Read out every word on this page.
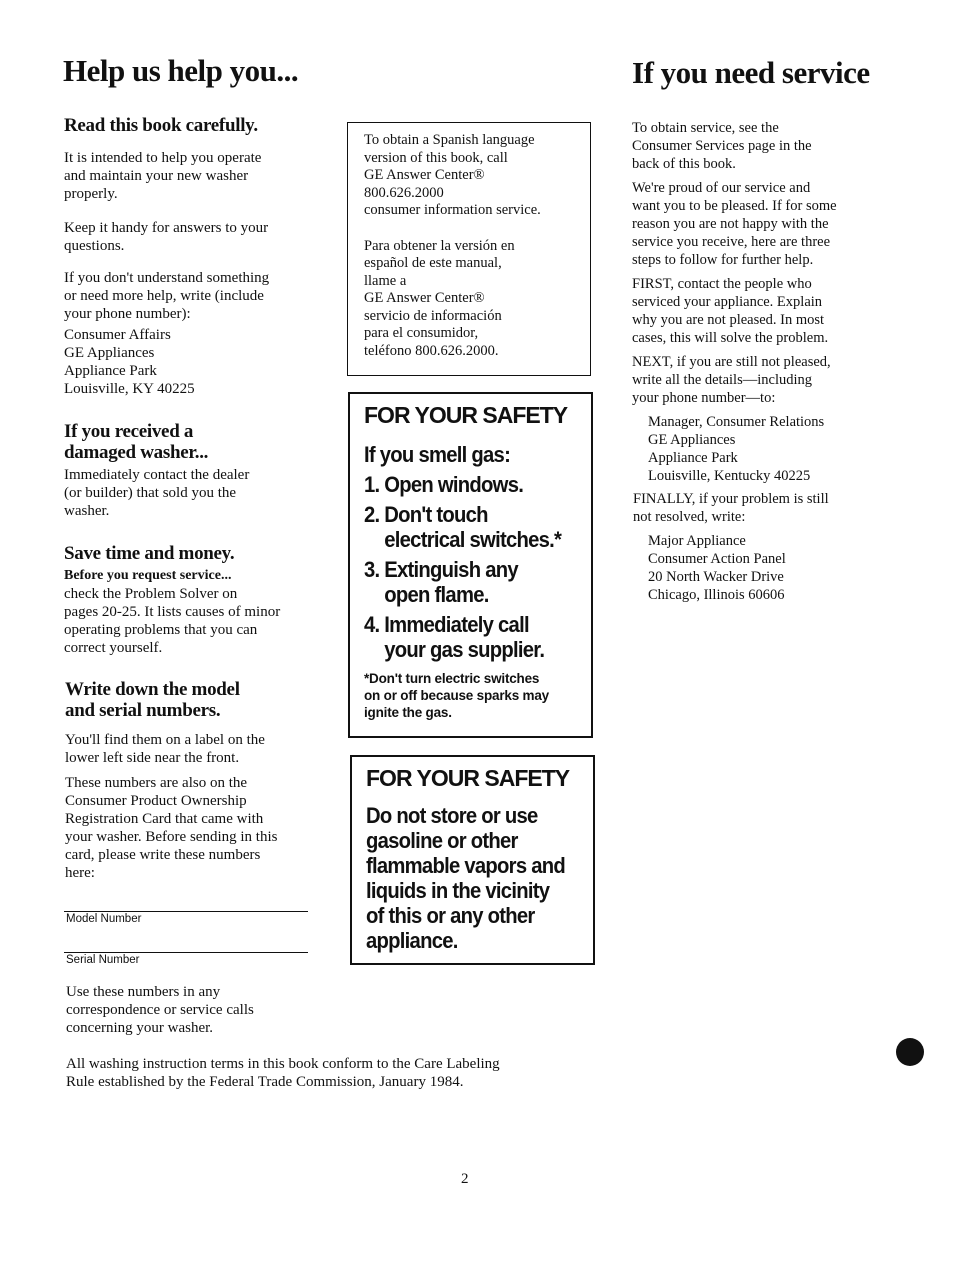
Help us help you...
Read this book carefully.
It is intended to help you operate
and maintain your new washer
properly.
Keep it handy for answers to your
questions.
If you don't understand something
or need more help, write (include
your phone number):
Consumer Affairs
GE Appliances
Appliance Park
Louisville, KY 40225
If you received a
damaged washer...
Immediately contact the dealer
(or builder) that sold you the
washer.
Save time and money.
Before you request service...
check the Problem Solver on
pages 20-25. It lists causes of minor
operating problems that you can
correct yourself.
Write down the model
and serial numbers.
You'll find them on a label on the
lower left side near the front.
These numbers are also on the
Consumer Product Ownership
Registration Card that came with
your washer. Before sending in this
card, please write these numbers
here:
Model Number
Serial Number
Use these numbers in any
correspondence or service calls
concerning your washer.
To obtain a Spanish language
version of this book, call
GE Answer Center®
800.626.2000
consumer information service.
Para obtener la versión en
español de este manual,
llame a
GE Answer Center®
servicio de información
para el consumidor,
teléfono 800.626.2000.
FOR YOUR SAFETY
If you smell gas:
1. Open windows.
2. Don't touch
electrical switches.*
3. Extinguish any
open flame.
4. Immediately call
your gas supplier.
*Don't turn electric switches
on or off because sparks may
ignite the gas.
FOR YOUR SAFETY
Do not store or use
gasoline or other
flammable vapors and
liquids in the vicinity
of this or any other
appliance.
All washing instruction terms in this book conform to the Care Labeling
Rule established by the Federal Trade Commission, January 1984.
2
If you need service
To obtain service, see the
Consumer Services page in the
back of this book.
We're proud of our service and
want you to be pleased. If for some
reason you are not happy with the
service you receive, here are three
steps to follow for further help.
FIRST, contact the people who
serviced your appliance. Explain
why you are not pleased. In most
cases, this will solve the problem.
NEXT, if you are still not pleased,
write all the details—including
your phone number—to:
Manager, Consumer Relations
GE Appliances
Appliance Park
Louisville, Kentucky 40225
FINALLY, if your problem is still
not resolved, write:
Major Appliance
Consumer Action Panel
20 North Wacker Drive
Chicago, Illinois 60606
